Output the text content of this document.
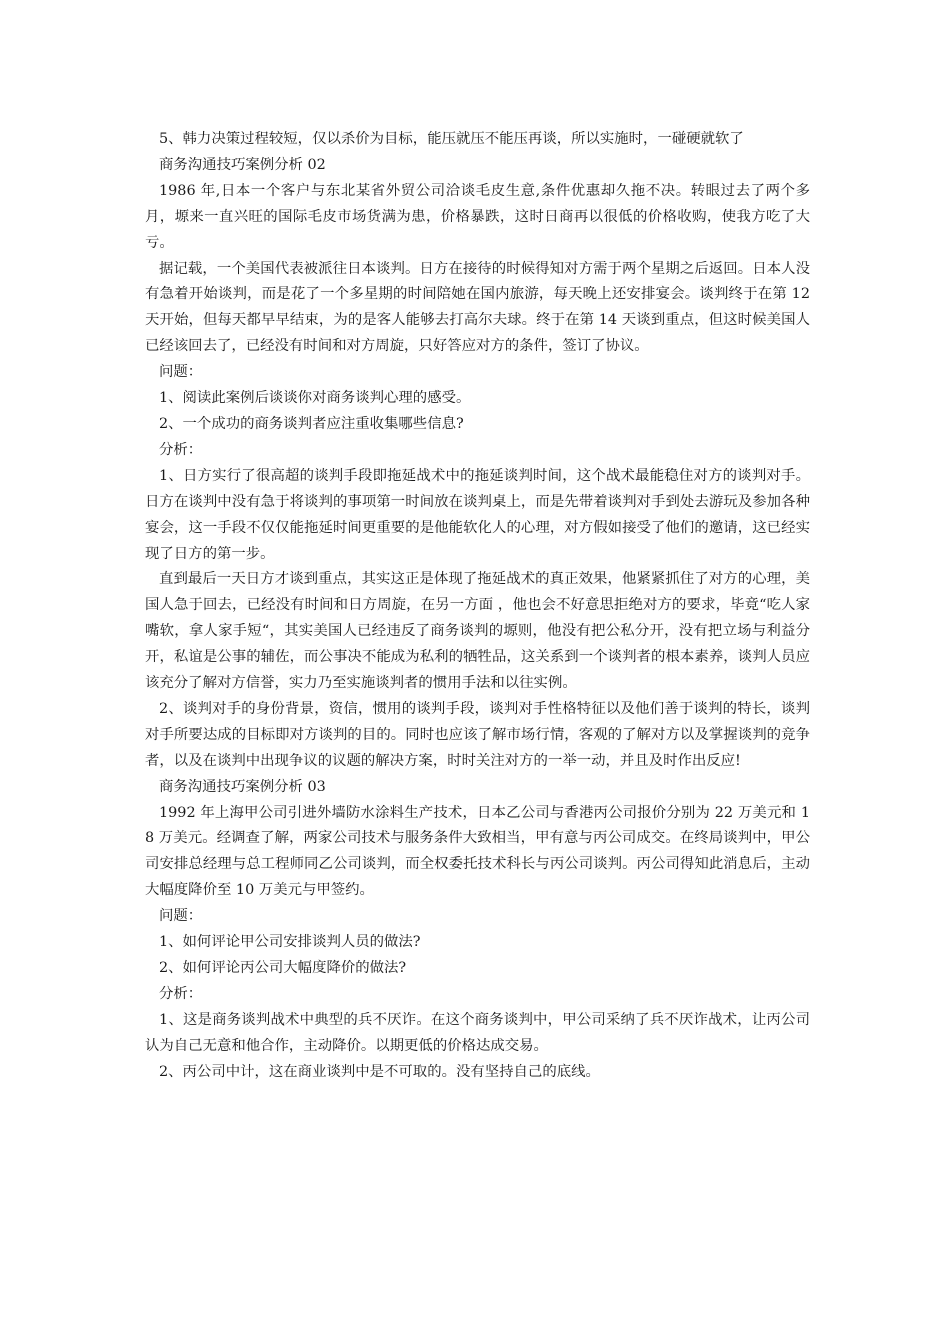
5、韩力决策过程较短，仅以杀价为目标，能压就压不能压再谈，所以实施时，一碰硬就软了

商务沟通技巧案例分析 02

1986 年,日本一个客户与东北某省外贸公司洽谈毛皮生意,条件优惠却久拖不决。转眼过去了两个多月，塬来一直兴旺的国际毛皮市场货满为患，价格暴跌，这时日商再以很低的价格收购，使我方吃了大亏。

据记载，一个美国代表被派往日本谈判。日方在接待的时候得知对方需于两个星期之后返回。日本人没有急着开始谈判，而是花了一个多星期的时间陪她在国内旅游，每天晚上还安排宴会。谈判终于在第 12 天开始，但每天都早早结束，为的是客人能够去打高尔夫球。终于在第 14 天谈到重点，但这时候美国人已经该回去了，已经没有时间和对方周旋，只好答应对方的条件，签订了协议。

问题：

1、阅读此案例后谈谈你对商务谈判心理的感受。

2、一个成功的商务谈判者应注重收集哪些信息?

分析：

1、日方实行了很高超的谈判手段即拖延战术中的拖延谈判时间，这个战术最能稳住对方的谈判对手。日方在谈判中没有急于将谈判的事项第一时间放在谈判桌上，而是先带着谈判对手到处去游玩及参加各种宴会，这一手段不仅仅能拖延时间更重要的是他能软化人的心理，对方假如接受了他们的邀请，这已经实现了日方的第一步。

直到最后一天日方才谈到重点，其实这正是体现了拖延战术的真正效果，他紧紧抓住了对方的心理，美国人急于回去，已经没有时间和日方周旋，在另一方面 ，他也会不好意思拒绝对方的要求，毕竟“吃人家嘴软，拿人家手短“，其实美国人已经违反了商务谈判的塬则，他没有把公私分开，没有把立场与利益分开，私谊是公事的辅佐，而公事决不能成为私利的牺牲品，这关系到一个谈判者的根本素养，谈判人员应该充分了解对方信誉，实力乃至实施谈判者的惯用手法和以往实例。

2、谈判对手的身份背景，资信，惯用的谈判手段，谈判对手性格特征以及他们善于谈判的特长，谈判对手所要达成的目标即对方谈判的目的。同时也应该了解市场行情，客观的了解对方以及掌握谈判的竞争者，以及在谈判中出现争议的议题的解决方案，时时关注对方的一举一动，并且及时作出反应!

商务沟通技巧案例分析 03

1992 年上海甲公司引进外墙防水涂料生产技术，日本乙公司与香港丙公司报价分别为 22 万美元和 18 万美元。经调查了解，两家公司技术与服务条件大致相当，甲有意与丙公司成交。在终局谈判中，甲公司安排总经理与总工程师同乙公司谈判，而全权委托技术科长与丙公司谈判。丙公司得知此消息后，主动大幅度降价至 10 万美元与甲签约。

问题：

1、如何评论甲公司安排谈判人员的做法?

2、如何评论丙公司大幅度降价的做法?

分析：

1、这是商务谈判战术中典型的兵不厌诈。在这个商务谈判中，甲公司采纳了兵不厌诈战术，让丙公司认为自己无意和他合作，主动降价。以期更低的价格达成交易。

2、丙公司中计，这在商业谈判中是不可取的。没有坚持自己的底线。
